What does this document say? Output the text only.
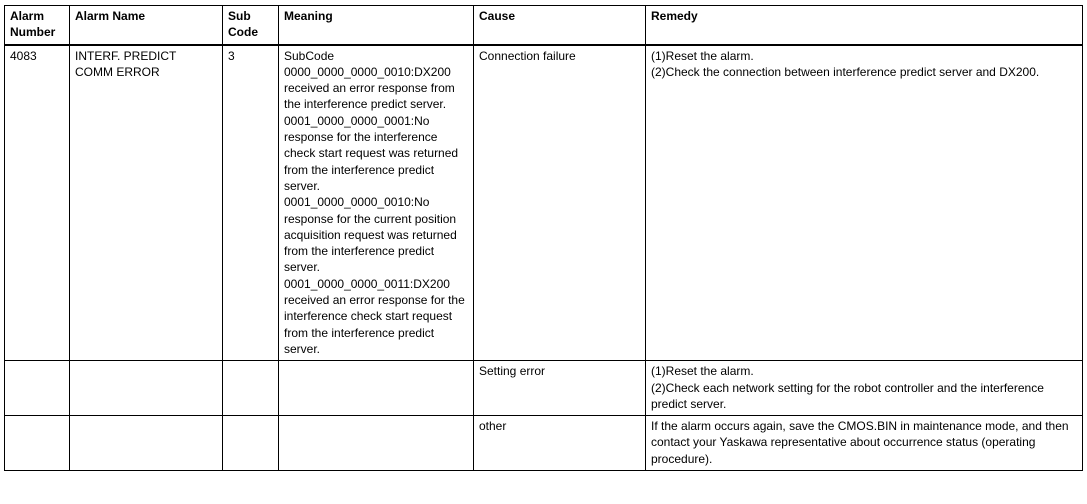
Alarm Number	Alarm Name	Sub Code	Meaning	Cause	Remedy
4083	INTERF. PREDICT COMM ERROR	3	SubCode
0000_0000_0000_0010:DX200 received an error response from the interference predict server.
0001_0000_0000_0001:No response for the interference check start request was returned from the interference predict server.
0001_0000_0000_0010:No response for the current position acquisition request was returned from the interference predict server.
0001_0000_0000_0011:DX200 received an error response for the interference check start request from the interference predict server.	Connection failure	(1)Reset the alarm.
(2)Check the connection between interference predict server and DX200.

				Setting error	(1)Reset the alarm.
(2)Check each network setting for the robot controller and the interference predict server.

				other	If the alarm occurs again, save the CMOS.BIN in maintenance mode, and then contact your Yaskawa representative about occurrence status (operating procedure).
